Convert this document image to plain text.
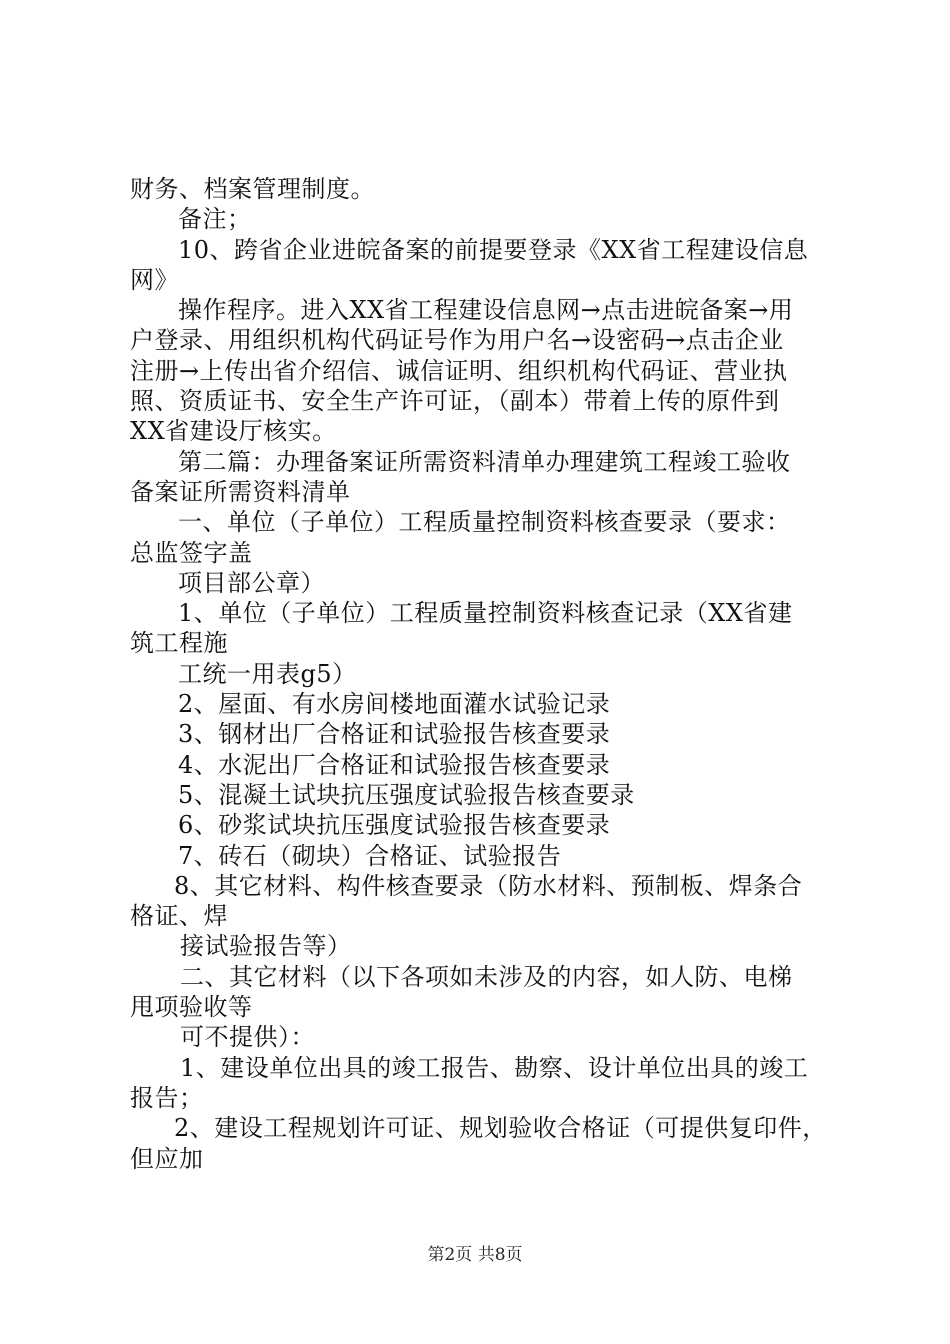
财务、档案管理制度。
备注；
10、跨省企业进皖备案的前提要登录《XX省工程建设信息
网》
操作程序。进入XX省工程建设信息网→点击进皖备案→用
户登录、用组织机构代码证号作为用户名→设密码→点击企业
注册→上传出省介绍信、诚信证明、组织机构代码证、营业执
照、资质证书、安全生产许可证，（副本）带着上传的原件到
XX省建设厅核实。
第二篇：办理备案证所需资料清单办理建筑工程竣工验收
备案证所需资料清单
一、单位（子单位）工程质量控制资料核查要录（要求：
总监签字盖
项目部公章）
1、单位（子单位）工程质量控制资料核查记录（XX省建
筑工程施
工统一用表g5）
2、屋面、有水房间楼地面灌水试验记录
3、钢材出厂合格证和试验报告核查要录
4、水泥出厂合格证和试验报告核查要录
5、混凝土试块抗压强度试验报告核查要录
6、砂浆试块抗压强度试验报告核查要录
7、砖石（砌块）合格证、试验报告
8、其它材料、构件核查要录（防水材料、预制板、焊条合
格证、焊
接试验报告等）
二、其它材料（以下各项如未涉及的内容，如人防、电梯
甩项验收等
可不提供）：
1、建设单位出具的竣工报告、勘察、设计单位出具的竣工
报告；
2、建设工程规划许可证、规划验收合格证（可提供复印件，
但应加
第2页 共8页
